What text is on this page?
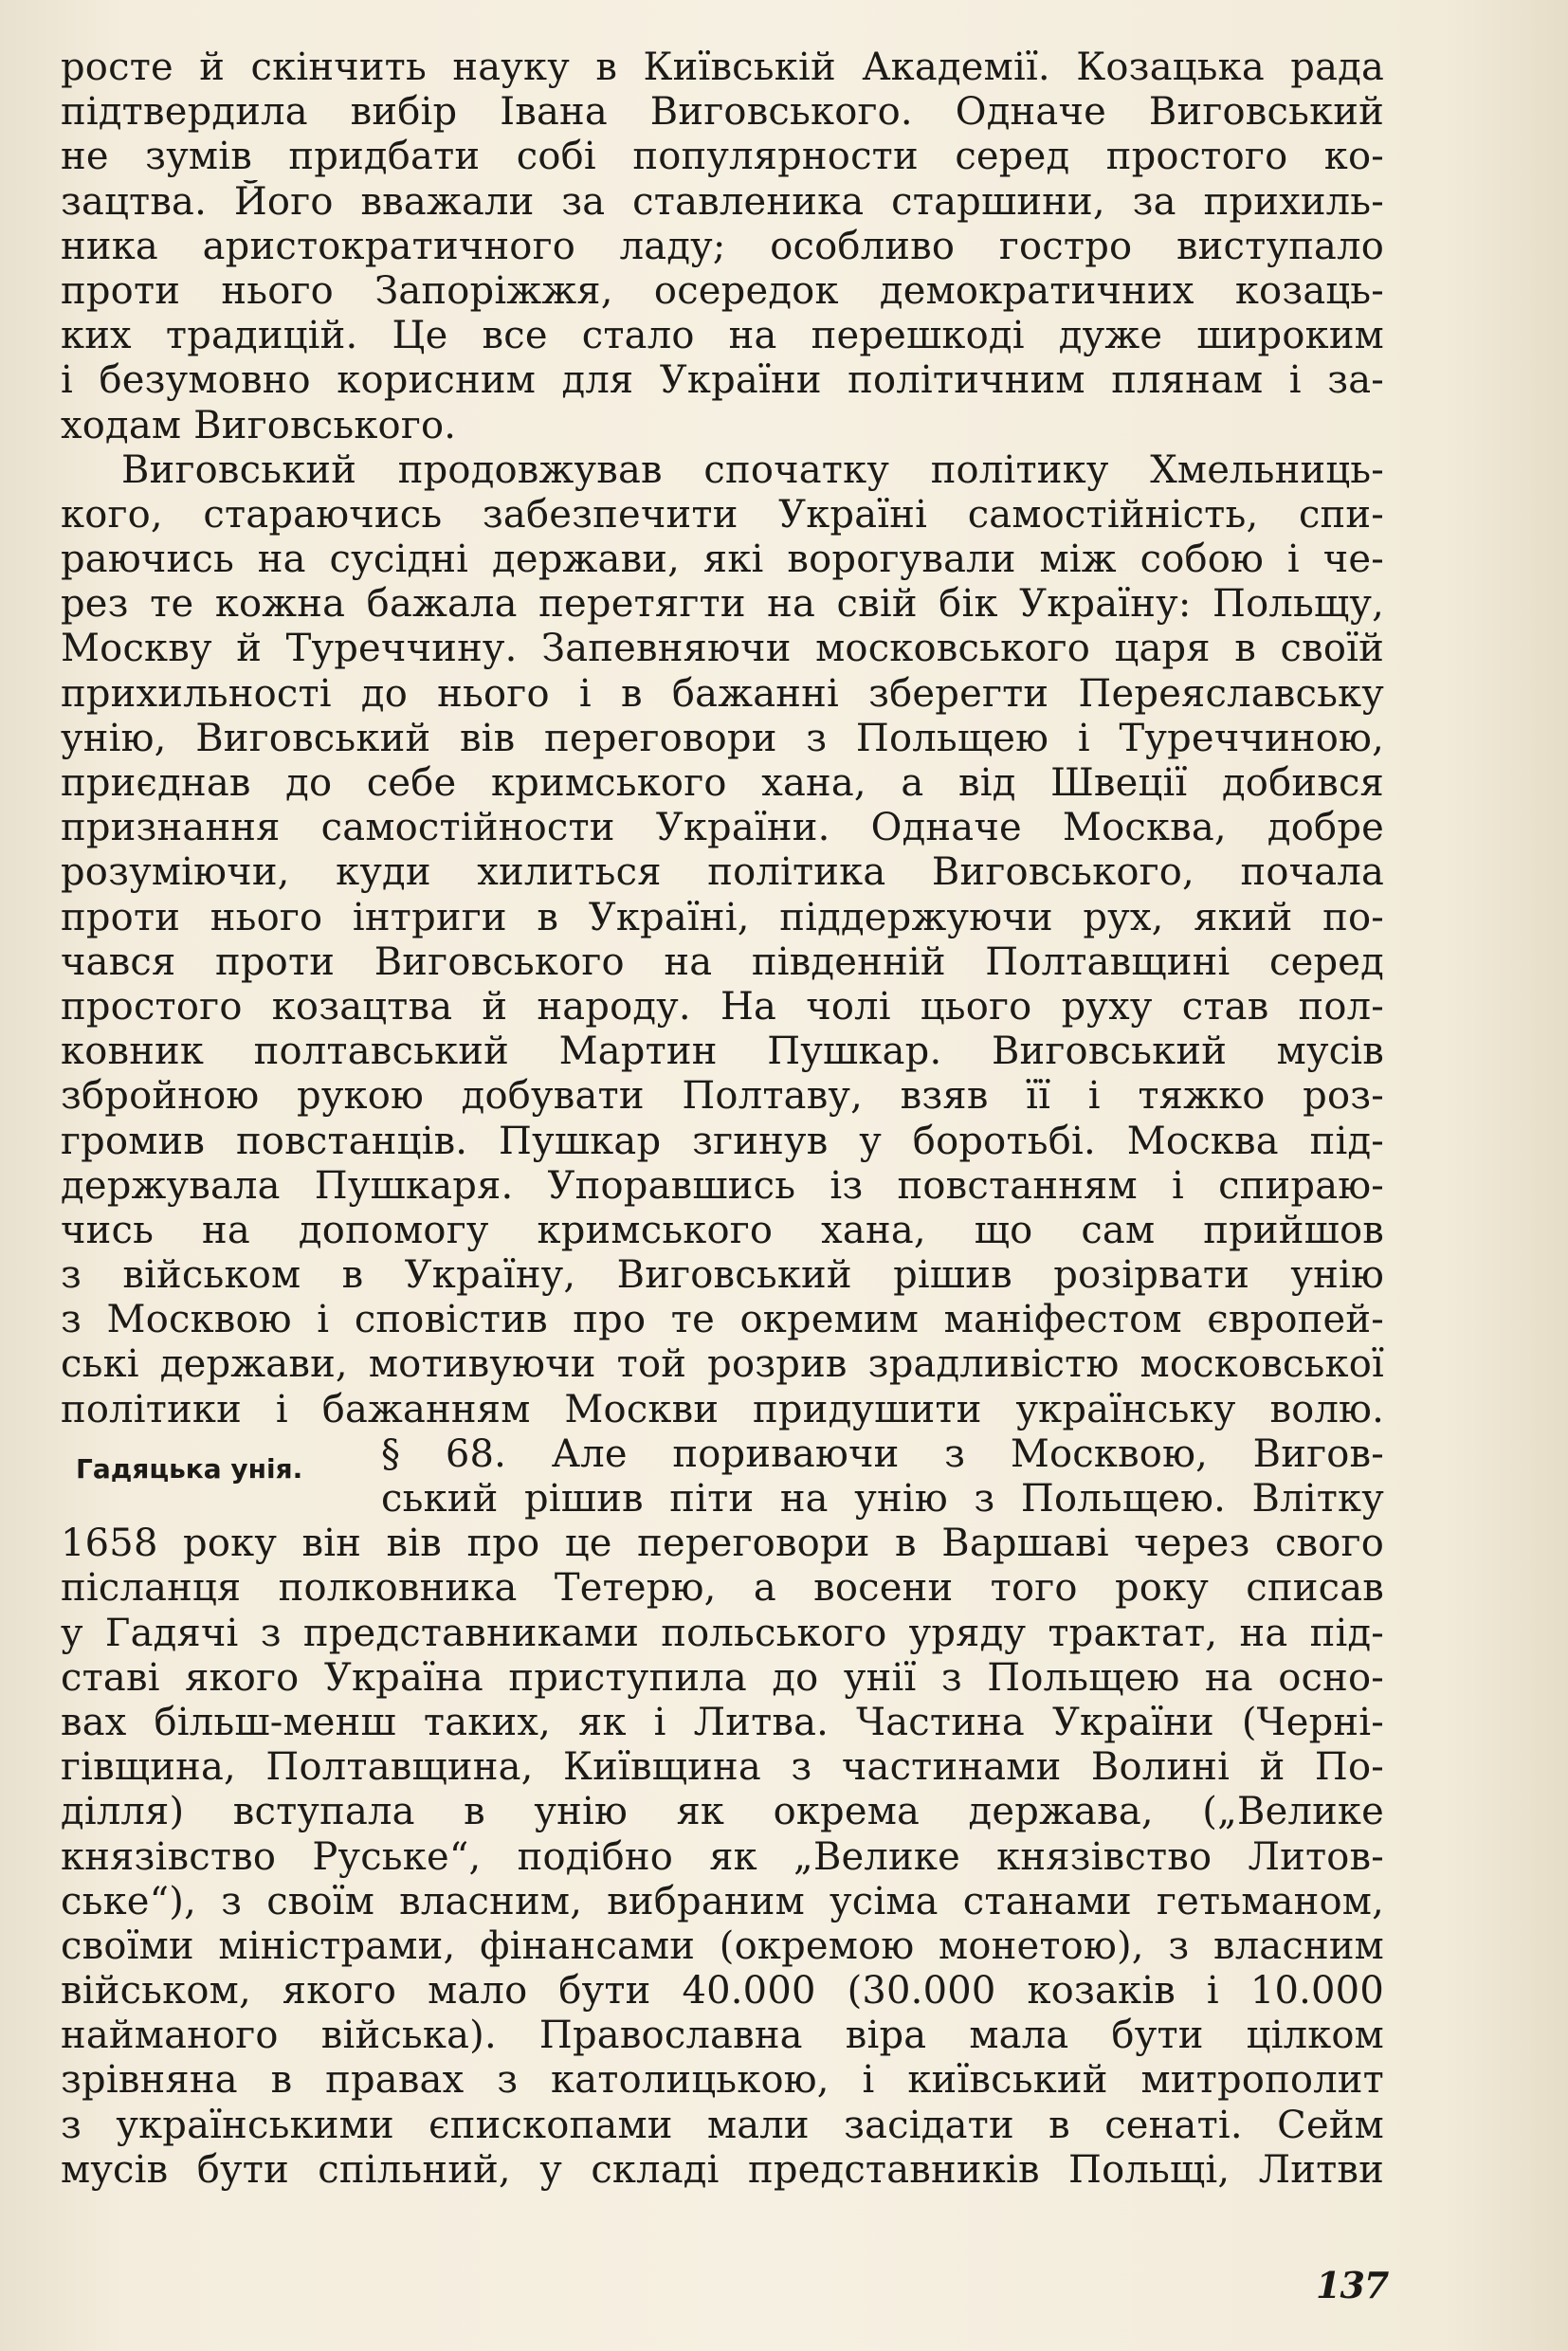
росте й скінчить науку в Київській Академії. Козацька рада
підтвердила вибір Івана Виговського. Одначе Виговський
не зумів придбати собі популярности серед простого ко-
зацтва. Його вважали за ставленика старшини, за прихиль-
ника аристократичного ладу; особливо гостро виступало
проти нього Запоріжжя, осередок демократичних козаць-
ких традицій. Це все стало на перешкоді дуже широким
і безумовно корисним для України політичним плянам і за-
ходам Виговського.
Виговський продовжував спочатку політику Хмельниць-
кого, стараючись забезпечити Україні самостійність, спи-
раючись на сусідні держави, які ворогували між собою і че-
рез те кожна бажала перетягти на свій бік Україну: Польщу,
Москву й Туреччину. Запевняючи московського царя в своїй
прихильності до нього і в бажанні зберегти Переяславську
унію, Виговський вів переговори з Польщею і Туреччиною,
приєднав до себе кримського хана, а від Швеції добився
признання самостійности України. Одначе Москва, добре
розуміючи, куди хилиться політика Виговського, почала
проти нього інтриги в Україні, піддержуючи рух, який по-
чався проти Виговського на південній Полтавщині серед
простого козацтва й народу. На чолі цього руху став пол-
ковник полтавський Мартин Пушкар. Виговський мусів
збройною рукою добувати Полтаву, взяв її і тяжко роз-
громив повстанців. Пушкар згинув у боротьбі. Москва під-
держувала Пушкаря. Упоравшись із повстанням і спираю-
чись на допомогу кримського хана, що сам прийшов
з військом в Україну, Виговський рішив розірвати унію
з Москвою і сповістив про те окремим маніфестом європей-
ські держави, мотивуючи той розрив зрадливістю московської
політики і бажанням Москви придушити українську волю.
Гадяцька унія. § 68. Але пориваючи з Москвою, Вигов-
ський рішив піти на унію з Польщею. Влітку
1658 року він вів про це переговори в Варшаві через свого
післанця полковника Тетерю, а восени того року списав
у Гадячі з представниками польського уряду трактат, на під-
ставі якого Україна приступила до унії з Польщею на осно-
вах більш-менш таких, як і Литва. Частина України (Черні-
гівщина, Полтавщина, Київщина з частинами Волині й По-
ділля) вступала в унію як окрема держава, („Велике
князівство Руське“, подібно як „Велике князівство Литов-
ське“), з своїм власним, вибраним усіма станами гетьманом,
своїми міністрами, фінансами (окремою монетою), з власним
військом, якого мало бути 40.000 (30.000 козаків і 10.000
найманого війська). Православна віра мала бути цілком
зрівняна в правах з католицькою, і київський митрополит
з українськими єпископами мали засідати в сенаті. Сейм
мусів бути спільний, у складі представників Польщі, Литви
137
